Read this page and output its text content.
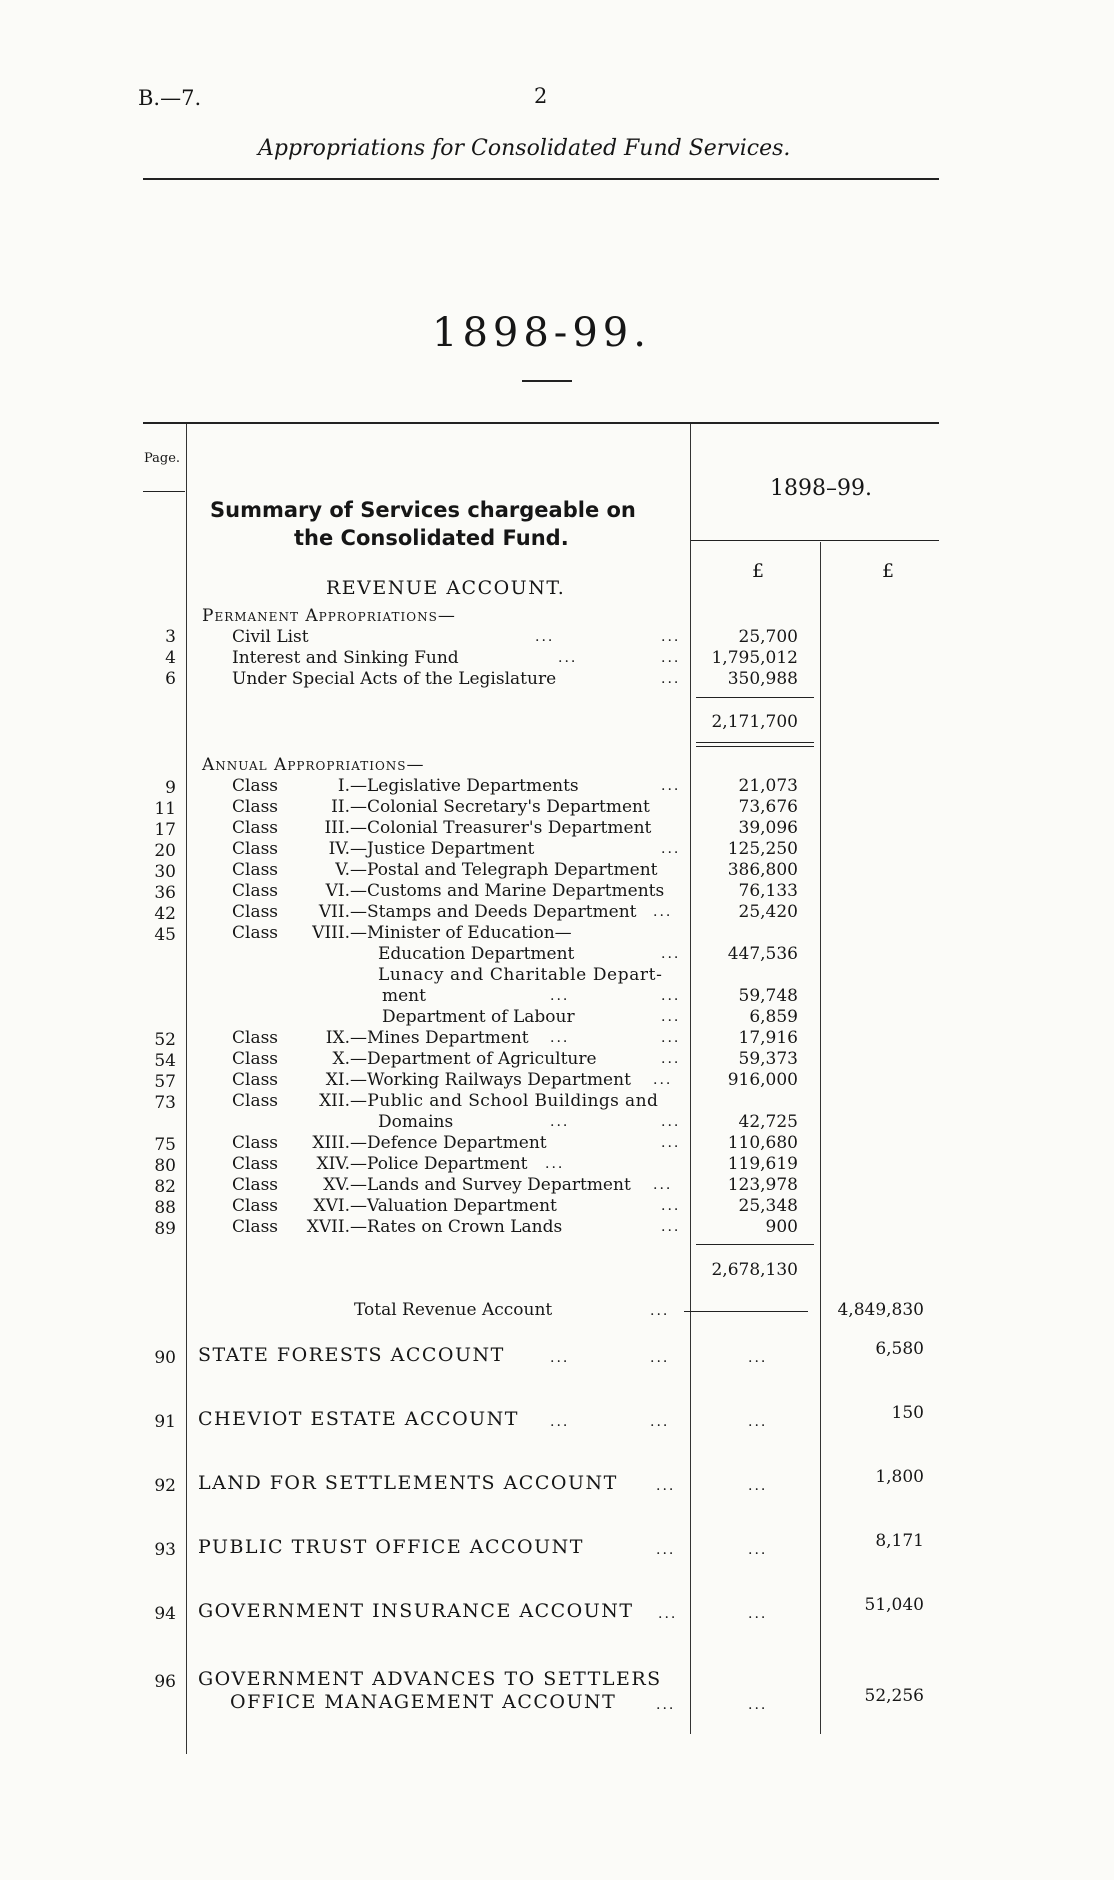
B.—7.	2
Appropriations for Consolidated Fund Services.
1898-99.
Page.
1898–99.
Summary of Services chargeable on
the Consolidated Fund.
£	£
REVENUE ACCOUNT.
Permanent Appropriations—
3	Civil List	...	...	25,700
4	Interest and Sinking Fund	...	... 1,795,012
6	Under Special Acts of the Legislature	...	350,988
2,171,700
Annual Appropriations—
9	Class	I. —Legislative Departments	...	21,073
11	Class	II. —Colonial Secretary's Department	73,676
17	Class	III. —Colonial Treasurer's Department	39,096
20	Class	IV. —Justice Department	...	125,250
30	Class	V. —Postal and Telegraph Department	386,800
36	Class	VI. —Customs and Marine Departments	76,133
42	Class	VII. —Stamps and Deeds Department ...	25,420
45	Class	VIII. —Minister of Education—
Education Department	...	447,536
Lunacy and Charitable Depart-
ment	...	...	59,748
Department of Labour	...	6,859
52	Class	IX. —Mines Department ...	...	17,916
54	Class	X. —Department of Agriculture	...	59,373
57	Class	XI. —Working Railways Department ...	916,000
73	Class	XII. —Public and School Buildings and
Domains	...	...	42,725
75	Class	XIII. —Defence Department	...	110,680
80	Class	XIV. —Police Department ...	119,619
82	Class	XV. —Lands and Survey Department ...	123,978
88	Class	XVI. —Valuation Department	...	25,348
89	Class	XVII. —Rates on Crown Lands	...	900
2,678,130
Total Revenue Account	...	4,849,830
90 STATE FORESTS ACCOUNT	...	...	...	6,580
91 CHEVIOT ESTATE ACCOUNT ...	...	...	150
92 LAND FOR SETTLEMENTS ACCOUNT	...	...	1,800
93 PUBLIC TRUST OFFICE ACCOUNT	...	...	8,171
94 GOVERNMENT INSURANCE ACCOUNT ...	...	51,040
96 GOVERNMENT ADVANCES TO SETTLERS
OFFICE MANAGEMENT ACCOUNT	...	...	52,256
